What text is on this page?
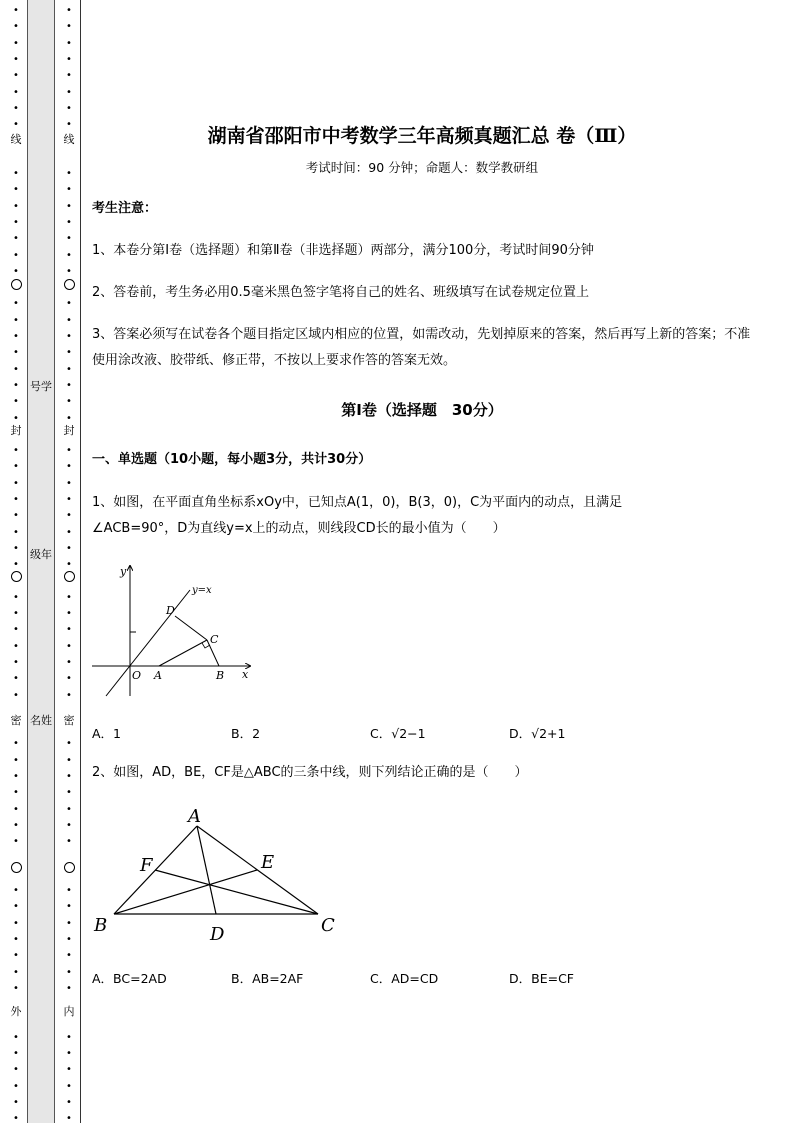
•
•
•
•
•
•
•
•
•
•
•
•
•
•
•
•
•
•
•
•
•
•
•
•
•
•
•
•
•
•
•
•
•
•
•
•
•
•
•
•
•
•
•
•
•
•
•
•
•
•
•
•
•
•
•
•
•
•
•
•
•
•
•
•
•
•
•
•
•
•
•
•
•
•
•
•
•
•
•
•
•
•
•
•
•
•
•
•
•
•
•
•
•
•
•
•
•
•
•
•
•
•
•
•
•
•
•
•
•
•
•
•
•
•
•
•
线
封
密
外
线
封
密
内
号学
级年
名姓
湖南省邵阳市中考数学三年高频真题汇总 卷（Ⅲ）
考试时间：90 分钟；命题人：数学教研组
考生注意：
1、本卷分第Ⅰ卷（选择题）和第Ⅱ卷（非选择题）两部分，满分100分，考试时间90分钟
2、答卷前，考生务必用0.5毫米黑色签字笔将自己的姓名、班级填写在试卷规定位置上
3、答案必须写在试卷各个题目指定区域内相应的位置，如需改动，先划掉原来的答案，然后再写上新的答案；不准使用涂改液、胶带纸、修正带，不按以上要求作答的答案无效。
第Ⅰ卷（选择题　30分）
一、单选题（10小题，每小题3分，共计30分）
1、如图，在平面直角坐标系xOy中，已知点A(1，0)，B(3，0)，C为平面内的动点，且满足
∠ACB=90°，D为直线y=x上的动点，则线段CD长的最小值为（　　）
y
x
y=x
O A	B
C
D
A．1	B．2	C．√2−1	D．√2+1
2、如图，AD，BE，CF是△ABC的三条中线，则下列结论正确的是（　　）
A
B	C
D
E
F
A．BC=2AD	B．AB=2AF	C．AD=CD	D．BE=CF
